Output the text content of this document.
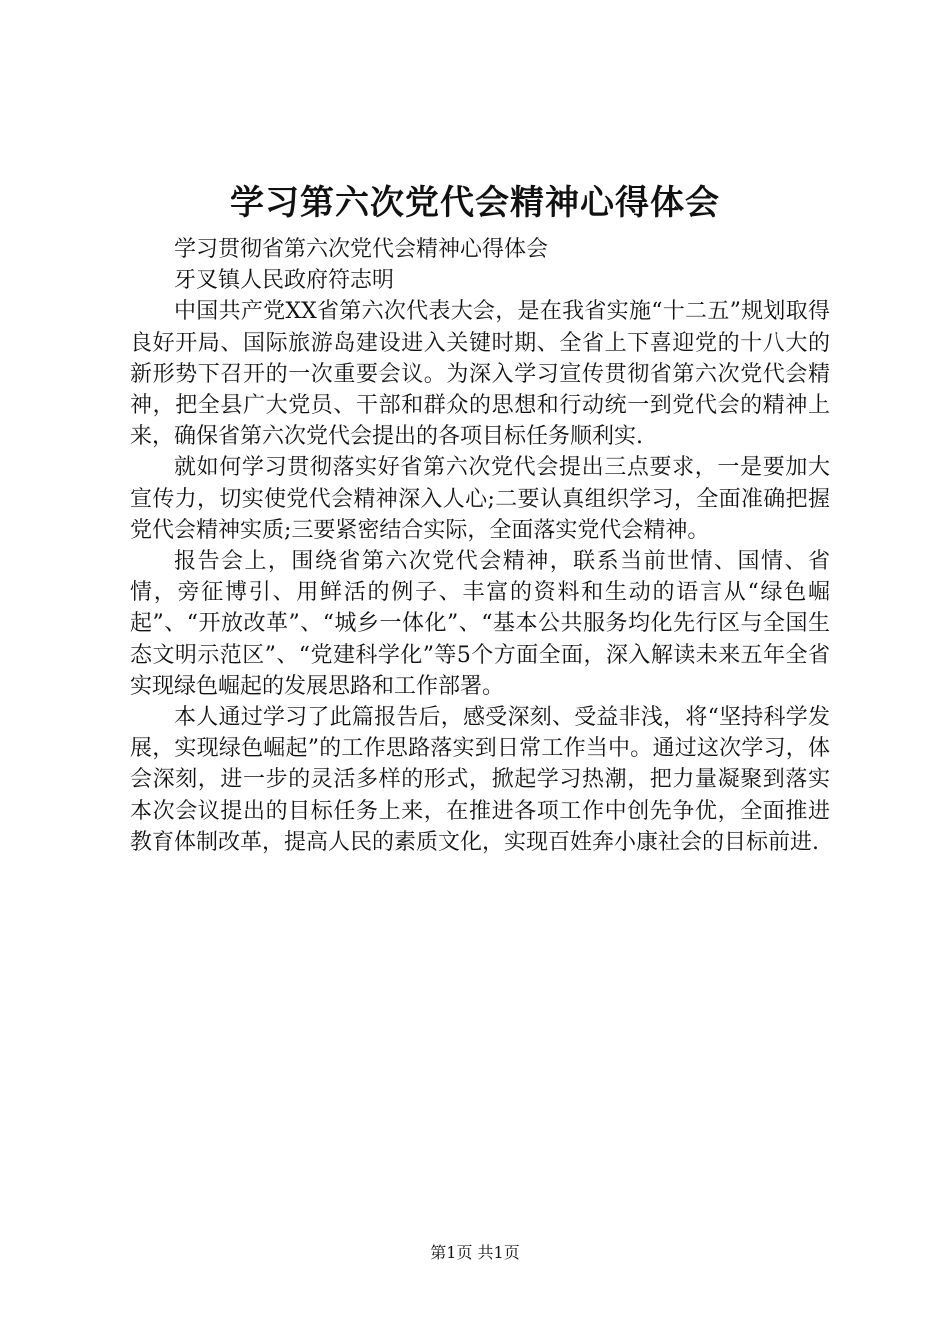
学习第六次党代会精神心得体会

学习贯彻省第六次党代会精神心得体会

牙叉镇人民政府符志明

中国共产党XX省第六次代表大会，是在我省实施“十二五”规划取得良好开局、国际旅游岛建设进入关键时期、全省上下喜迎党的十八大的新形势下召开的一次重要会议。为深入学习宣传贯彻省第六次党代会精神，把全县广大党员、干部和群众的思想和行动统一到党代会的精神上来，确保省第六次党代会提出的各项目标任务顺利实.

就如何学习贯彻落实好省第六次党代会提出三点要求，一是要加大宣传力，切实使党代会精神深入人心;二要认真组织学习，全面准确把握党代会精神实质;三要紧密结合实际，全面落实党代会精神。

报告会上，围绕省第六次党代会精神，联系当前世情、国情、省情，旁征博引、用鲜活的例子、丰富的资料和生动的语言从“绿色崛起”、“开放改革”、“城乡一体化”、“基本公共服务均化先行区与全国生态文明示范区”、“党建科学化”等5个方面全面，深入解读未来五年全省实现绿色崛起的发展思路和工作部署。

本人通过学习了此篇报告后，感受深刻、受益非浅，将“坚持科学发展，实现绿色崛起”的工作思路落实到日常工作当中。通过这次学习，体会深刻，进一步的灵活多样的形式，掀起学习热潮，把力量凝聚到落实本次会议提出的目标任务上来，在推进各项工作中创先争优，全面推进教育体制改革，提高人民的素质文化，实现百姓奔小康社会的目标前进.

第1页 共1页
